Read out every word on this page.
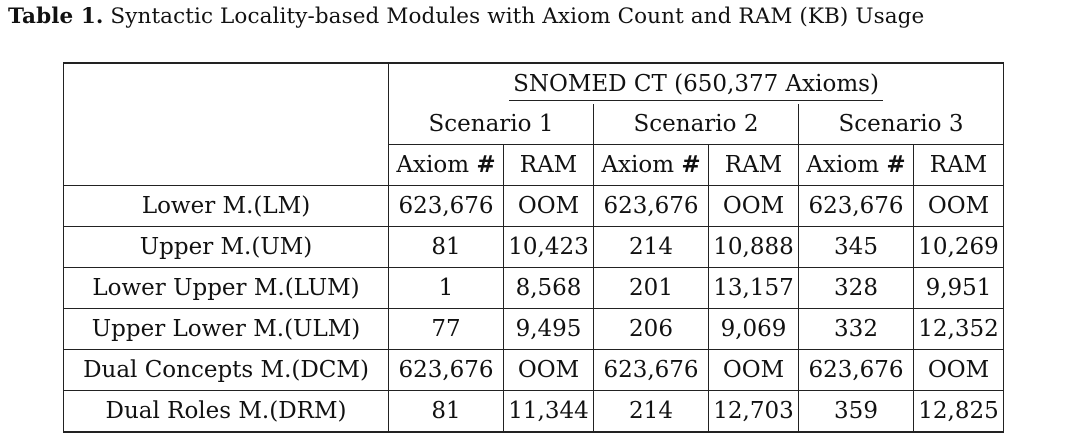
Table 1. Syntactic Locality-based Modules with Axiom Count and RAM (KB) Usage
	SNOMED CT (650,377 Axioms)					
	Scenario 1		Scenario 2		Scenario 3	
	Axiom #	RAM	Axiom #	RAM	Axiom #	RAM
Lower M.(LM)	623,676	OOM	623,676	OOM	623,676	OOM
Upper M.(UM)	81	10,423	214	10,888	345	10,269
Lower Upper M.(LUM)	1	8,568	201	13,157	328	9,951
Upper Lower M.(ULM)	77	9,495	206	9,069	332	12,352
Dual Concepts M.(DCM)	623,676	OOM	623,676	OOM	623,676	OOM
Dual Roles M.(DRM)	81	11,344	214	12,703	359	12,825
